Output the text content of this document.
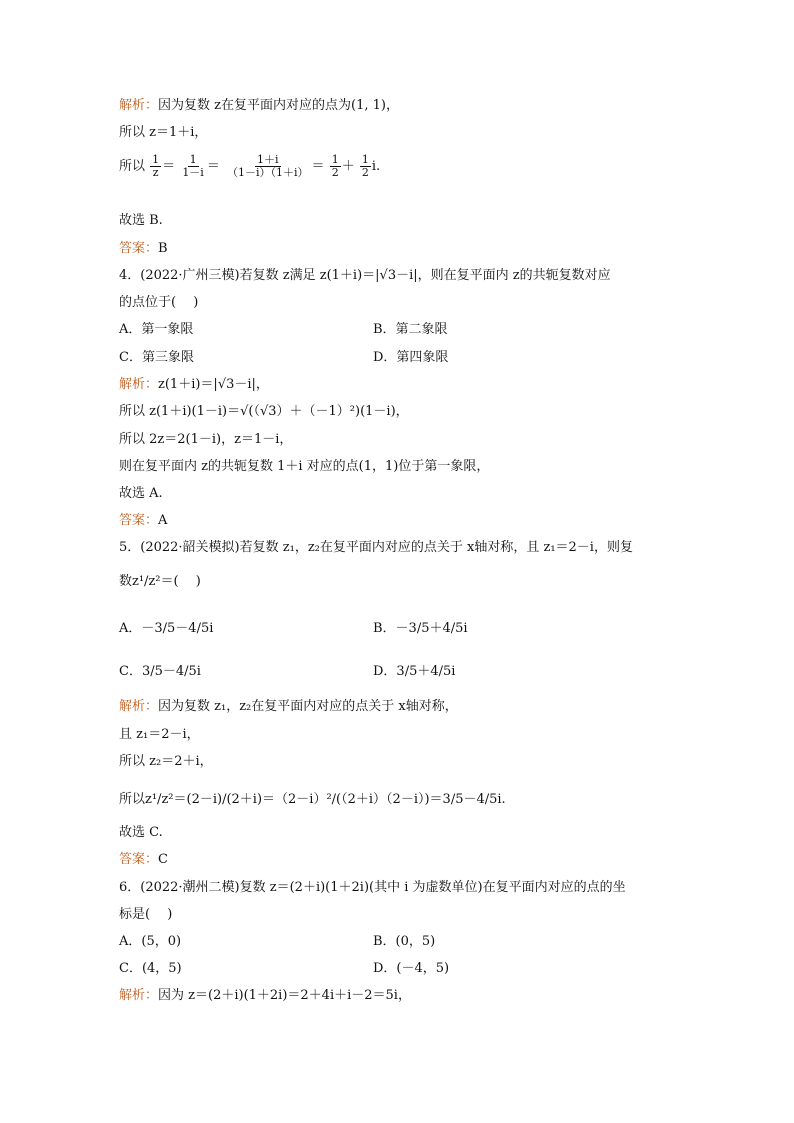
解析：因为复数 z在复平面内对应的点为(1, 1)，
所以 z＝1＋i，
所以 $\frac{1}{z} = \frac{1}{1-i} = \frac{1+i}{(1-i)(1+i)} = \frac{1}{2} + \frac{1}{2} i$.
故选 B.
答案：B
4．(2022·广州三模)若复数 z满足 z(1＋i)＝|√3－i|，则在复平面内 z的共轭复数对应
的点位于(　 )
A．第一象限	B．第二象限
C．第三象限	D．第四象限
解析：z(1＋i)＝|√3－i|，
所以 z(1＋i)(1－i)＝√(（√3）＋（－1）²)(1－i)，
所以 2z＝2(1－i)，z＝1－i，
则在复平面内 z的共轭复数 1＋i 对应的点(1，1)位于第一象限，
故选 A.
答案：A
5．(2022·韶关模拟)若复数 z₁，z₂在复平面内对应的点关于 x轴对称，且 z₁＝2－i，则复
数z¹/z²＝(　 )
A．－3/5－4/5i	B．－3/5＋4/5i
C．3/5－4/5i	D．3/5＋4/5i
解析：因为复数 z₁，z₂在复平面内对应的点关于 x轴对称，
且 z₁＝2－i，
所以 z₂＝2＋i，
所以z¹/z²＝(2－i)/(2＋i)＝（2－i）²/(（2＋i）（2－i）)＝3/5－4/5i.
故选 C.
答案：C
6．(2022·潮州二模)复数 z＝(2＋i)(1＋2i)(其中 i 为虚数单位)在复平面内对应的点的坐
标是(　 )
A．(5，0)	B．(0，5)
C．(4，5)	D．(－4，5)
解析：因为 z＝(2＋i)(1＋2i)＝2＋4i＋i－2＝5i，
